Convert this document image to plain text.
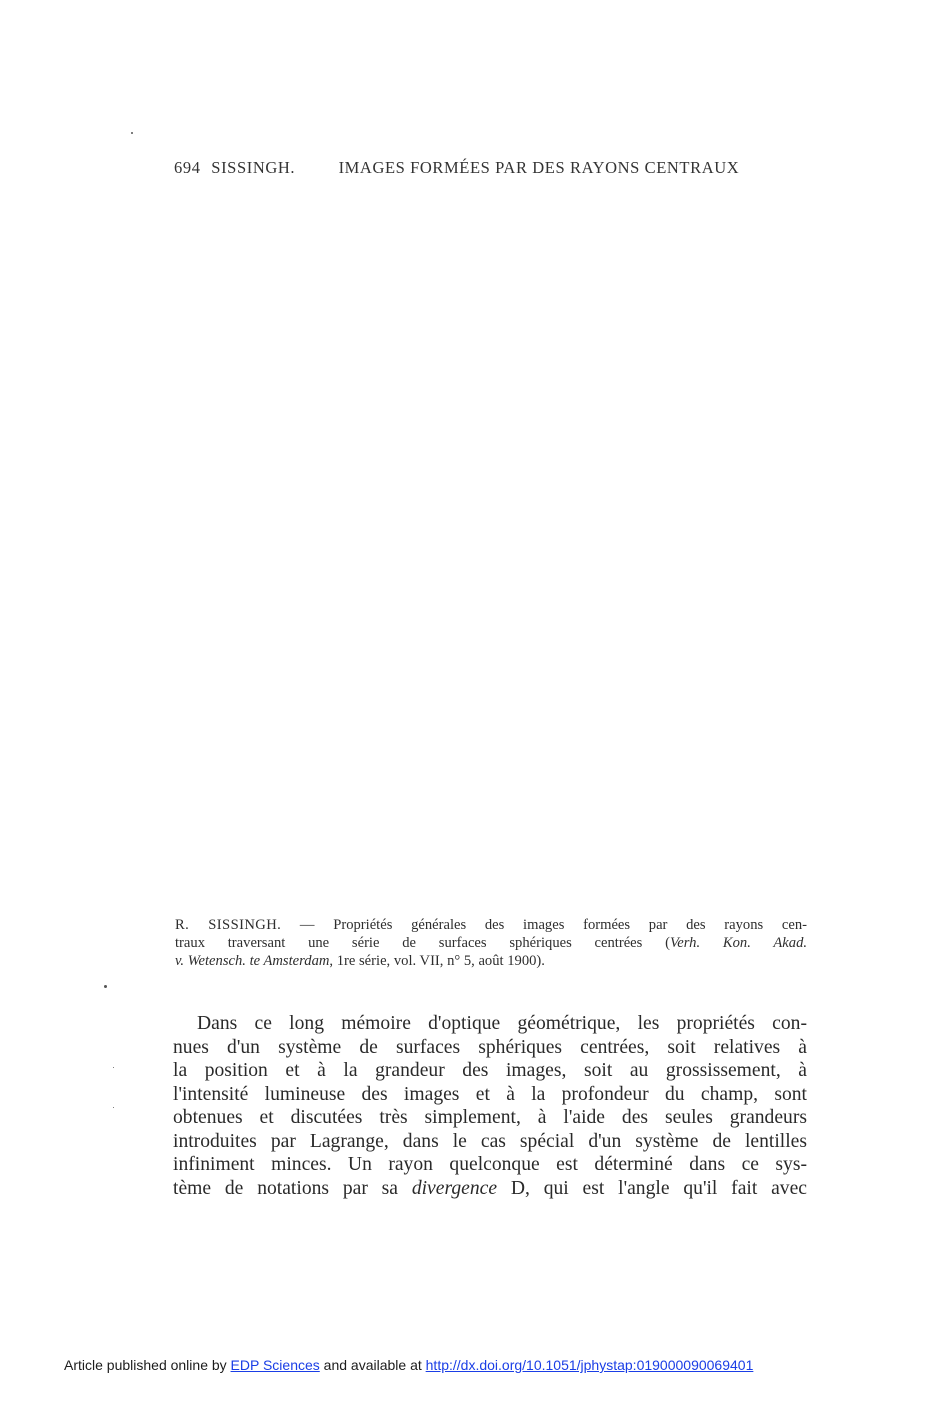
694 SISSINGH.	IMAGES FORMÉES PAR DES RAYONS CENTRAUX
R. SISSINGH. — Propriétés générales des images formées par des rayons cen-
traux traversant une série de surfaces sphériques centrées (Verh. Kon. Akad.
v. Wetensch. te Amsterdam, 1re série, vol. VII, n° 5, août 1900).
Dans ce long mémoire d'optique géométrique, les propriétés con-
nues d'un système de surfaces sphériques centrées, soit relatives à
la position et à la grandeur des images, soit au grossissement, à
l'intensité lumineuse des images et à la profondeur du champ, sont
obtenues et discutées très simplement, à l'aide des seules grandeurs
introduites par Lagrange, dans le cas spécial d'un système de lentilles
infiniment minces. Un rayon quelconque est déterminé dans ce sys-
tème de notations par sa divergence D, qui est l'angle qu'il fait avec
Article published online by EDP Sciences and available at http://dx.doi.org/10.1051/jphystap:019000090069401
